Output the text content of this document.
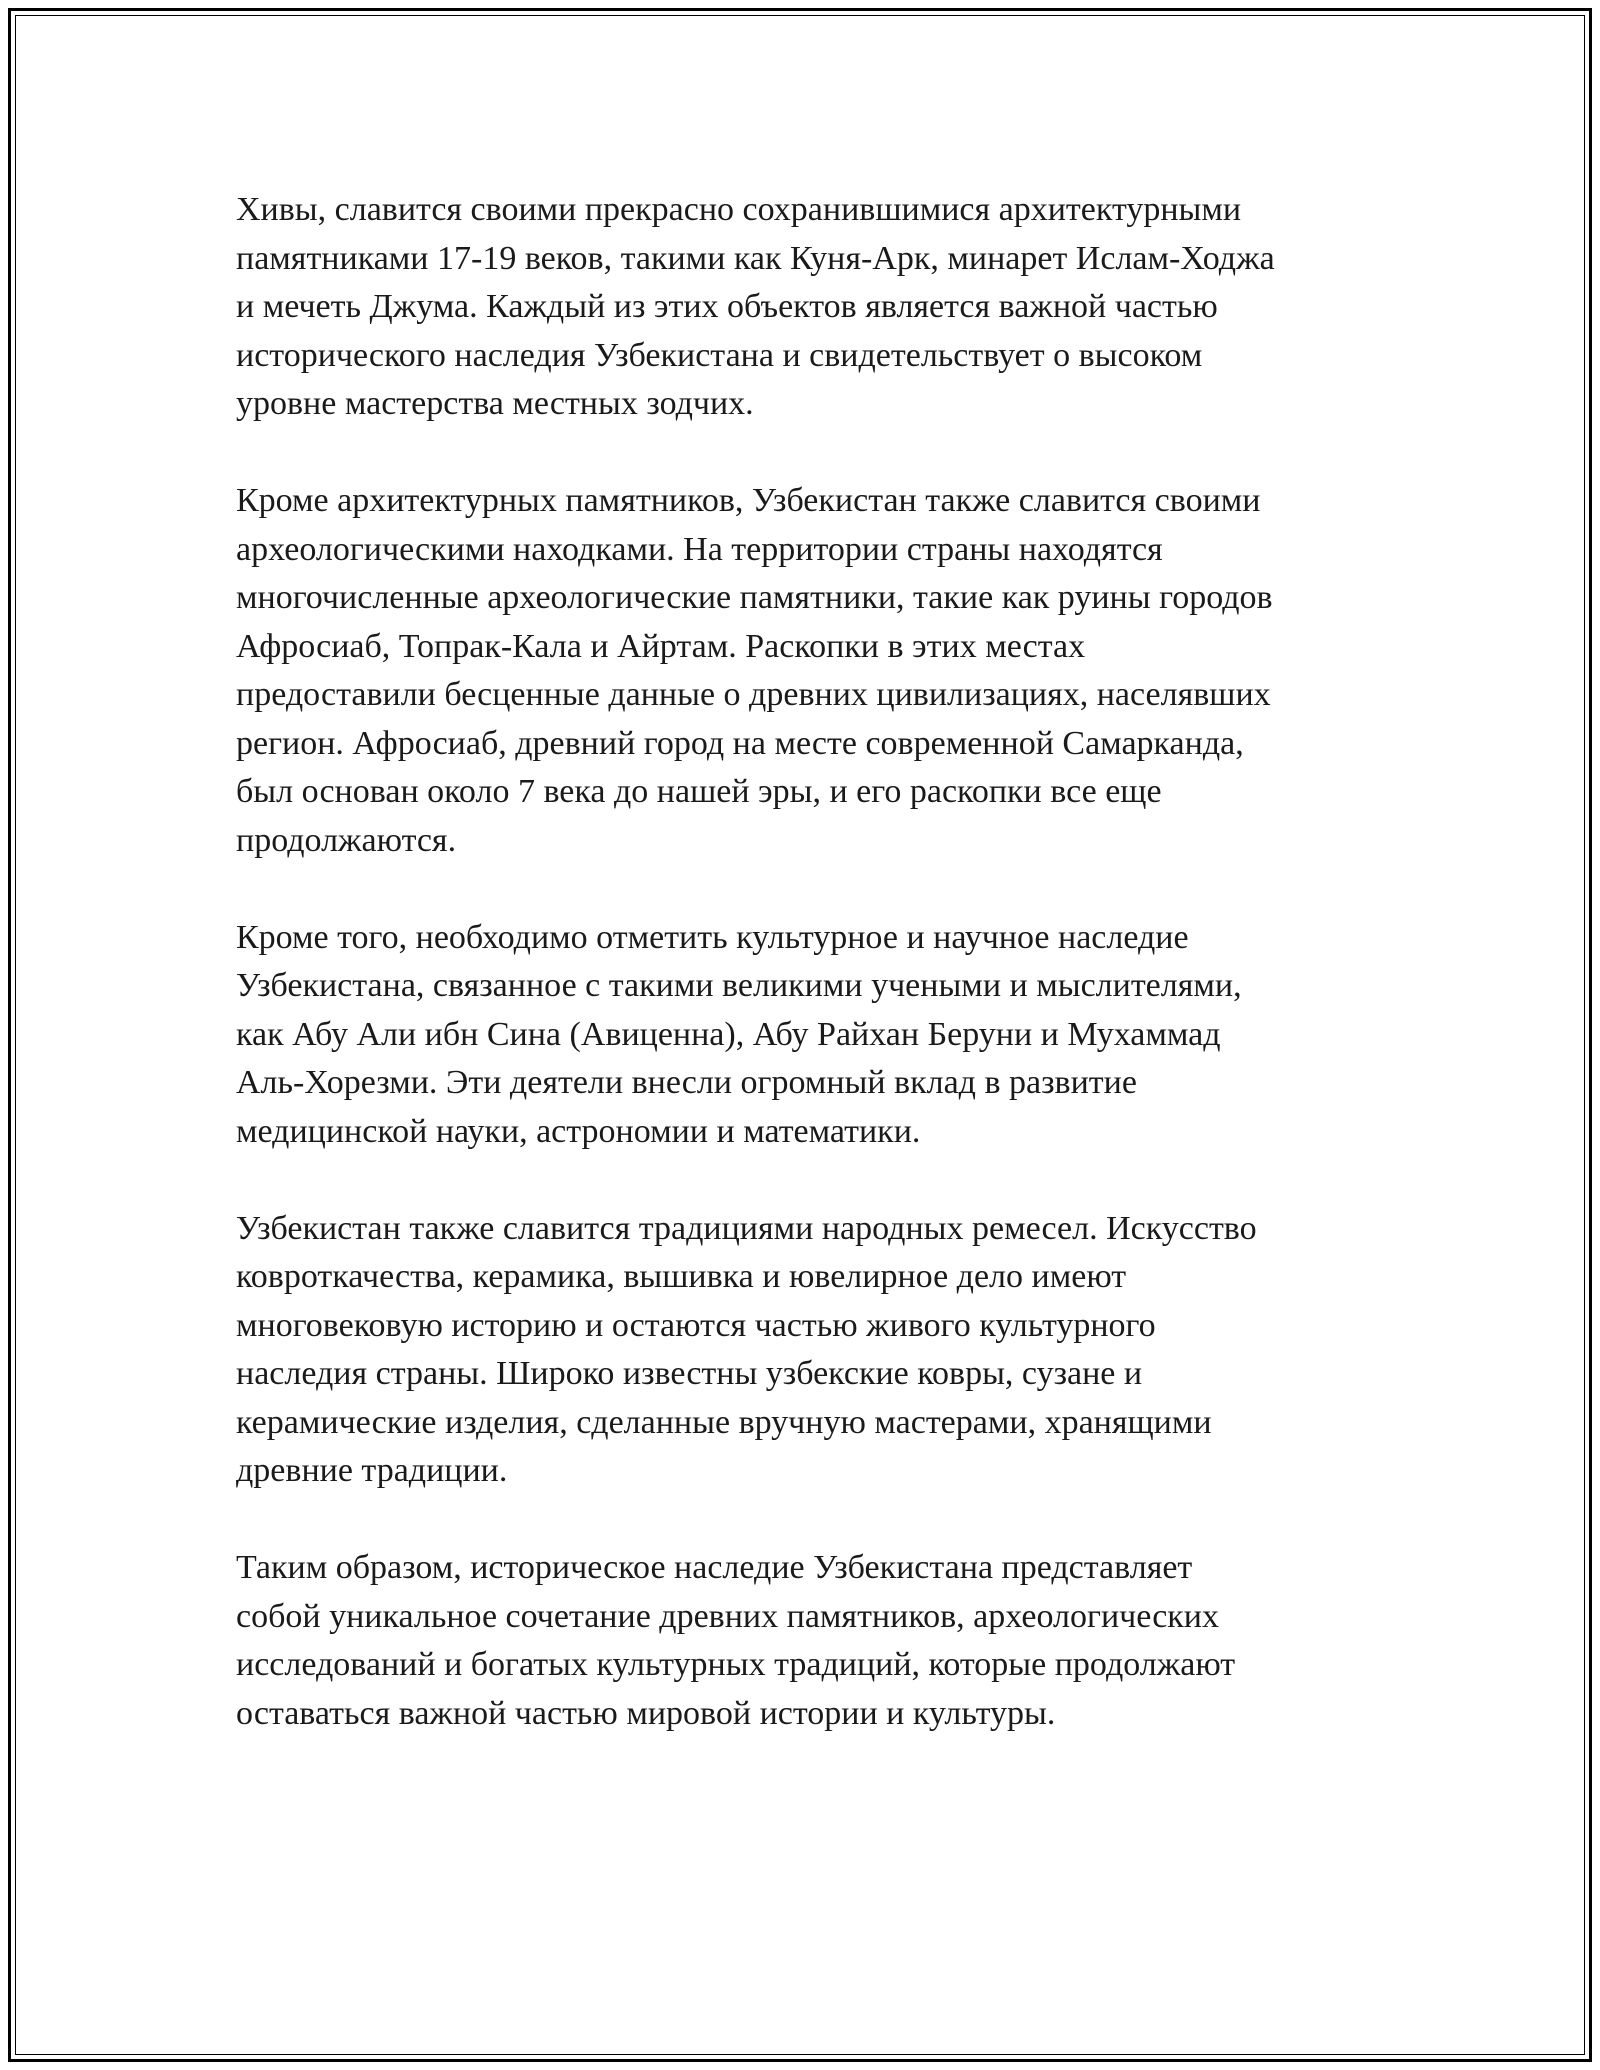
Хивы, славится своими прекрасно сохранившимися архитектурными
памятниками 17-19 веков, такими как Куня-Арк, минарет Ислам-Ходжа
и мечеть Джума. Каждый из этих объектов является важной частью
исторического наследия Узбекистана и свидетельствует о высоком
уровне мастерства местных зодчих.

Кроме архитектурных памятников, Узбекистан также славится своими
археологическими находками. На территории страны находятся
многочисленные археологические памятники, такие как руины городов
Афросиаб, Топрак-Кала и Айртам. Раскопки в этих местах
предоставили бесценные данные о древних цивилизациях, населявших
регион. Афросиаб, древний город на месте современной Самарканда,
был основан около 7 века до нашей эры, и его раскопки все еще
продолжаются.

Кроме того, необходимо отметить культурное и научное наследие
Узбекистана, связанное с такими великими учеными и мыслителями,
как Абу Али ибн Сина (Авиценна), Абу Райхан Беруни и Мухаммад
Аль-Хорезми. Эти деятели внесли огромный вклад в развитие
медицинской науки, астрономии и математики.

Узбекистан также славится традициями народных ремесел. Искусство
ковроткачества, керамика, вышивка и ювелирное дело имеют
многовековую историю и остаются частью живого культурного
наследия страны. Широко известны узбекские ковры, сузане и
керамические изделия, сделанные вручную мастерами, хранящими
древние традиции.

Таким образом, историческое наследие Узбекистана представляет
собой уникальное сочетание древних памятников, археологических
исследований и богатых культурных традиций, которые продолжают
оставаться важной частью мировой истории и культуры.
